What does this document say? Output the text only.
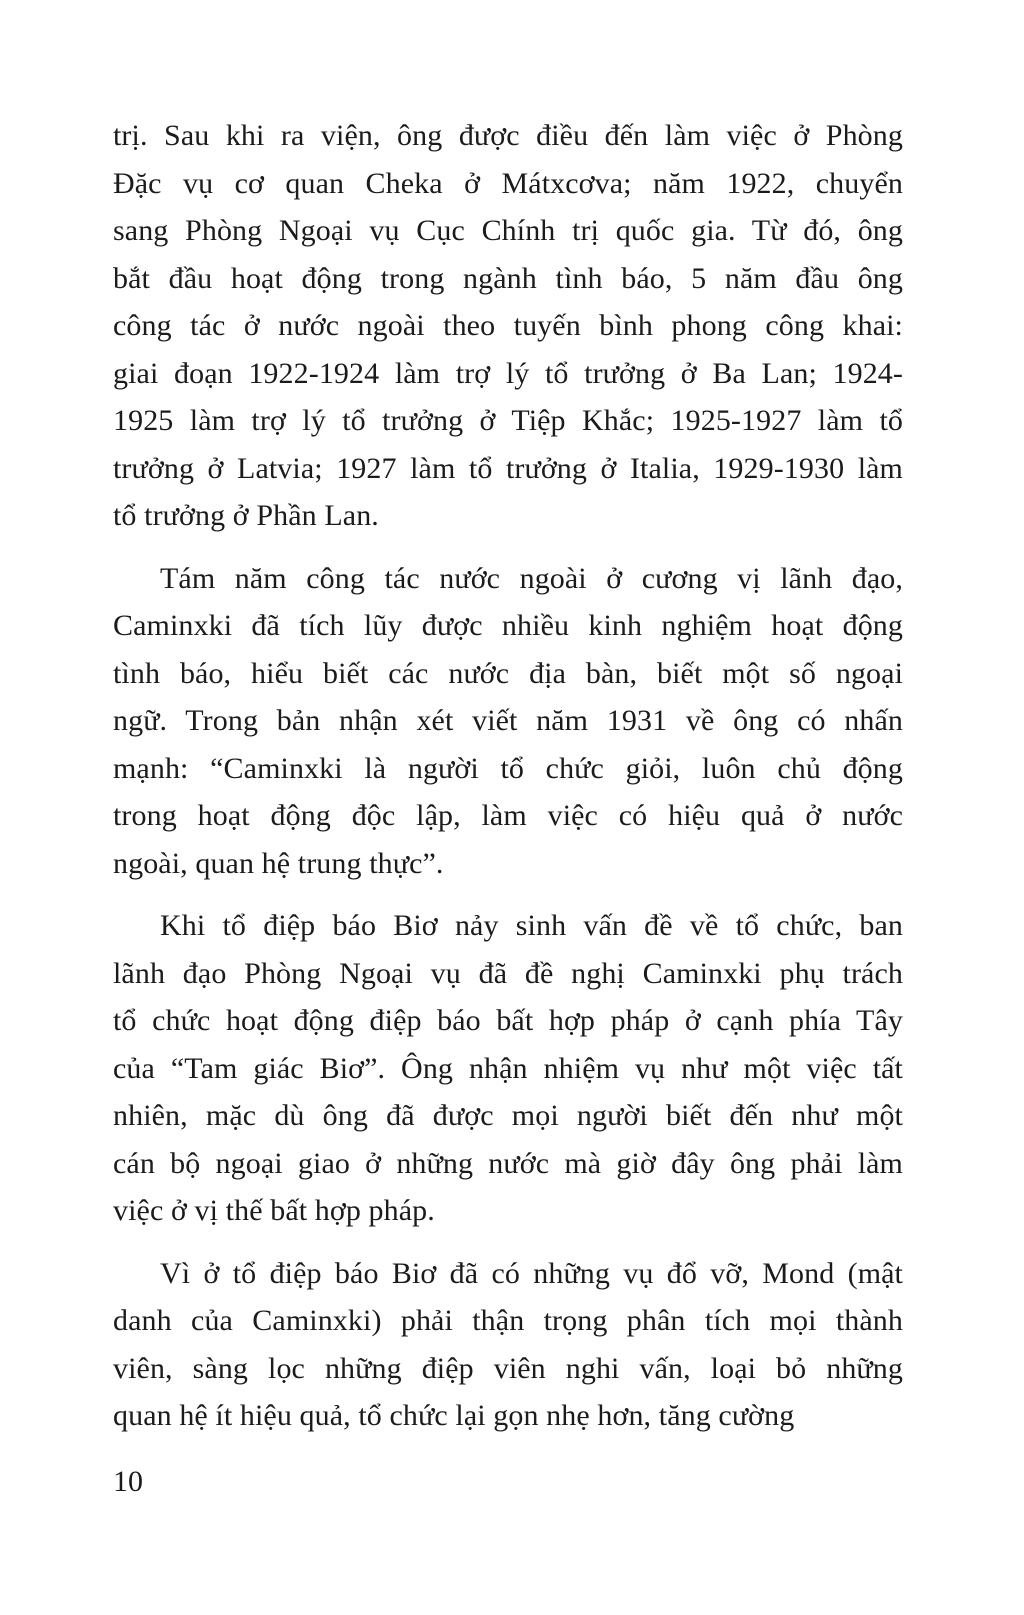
trị. Sau khi ra viện, ông được điều đến làm việc ở Phòng
Đặc vụ cơ quan Cheka ở Mátxcơva; năm 1922, chuyển
sang Phòng Ngoại vụ Cục Chính trị quốc gia. Từ đó, ông
bắt đầu hoạt động trong ngành tình báo, 5 năm đầu ông
công tác ở nước ngoài theo tuyến bình phong công khai:
giai đoạn 1922-1924 làm trợ lý tổ trưởng ở Ba Lan; 1924-
1925 làm trợ lý tổ trưởng ở Tiệp Khắc; 1925-1927 làm tổ
trưởng ở Latvia; 1927 làm tổ trưởng ở Italia, 1929-1930 làm
tổ trưởng ở Phần Lan.
Tám năm công tác nước ngoài ở cương vị lãnh đạo,
Caminxki đã tích lũy được nhiều kinh nghiệm hoạt động
tình báo, hiểu biết các nước địa bàn, biết một số ngoại
ngữ. Trong bản nhận xét viết năm 1931 về ông có nhấn
mạnh: “Caminxki là người tổ chức giỏi, luôn chủ động
trong hoạt động độc lập, làm việc có hiệu quả ở nước
ngoài, quan hệ trung thực”.
Khi tổ điệp báo Biơ nảy sinh vấn đề về tổ chức, ban
lãnh đạo Phòng Ngoại vụ đã đề nghị Caminxki phụ trách
tổ chức hoạt động điệp báo bất hợp pháp ở cạnh phía Tây
của “Tam giác Biơ”. Ông nhận nhiệm vụ như một việc tất
nhiên, mặc dù ông đã được mọi người biết đến như một
cán bộ ngoại giao ở những nước mà giờ đây ông phải làm
việc ở vị thế bất hợp pháp.
Vì ở tổ điệp báo Biơ đã có những vụ đổ vỡ, Mond (mật
danh của Caminxki) phải thận trọng phân tích mọi thành
viên, sàng lọc những điệp viên nghi vấn, loại bỏ những
quan hệ ít hiệu quả, tổ chức lại gọn nhẹ hơn, tăng cường
10
